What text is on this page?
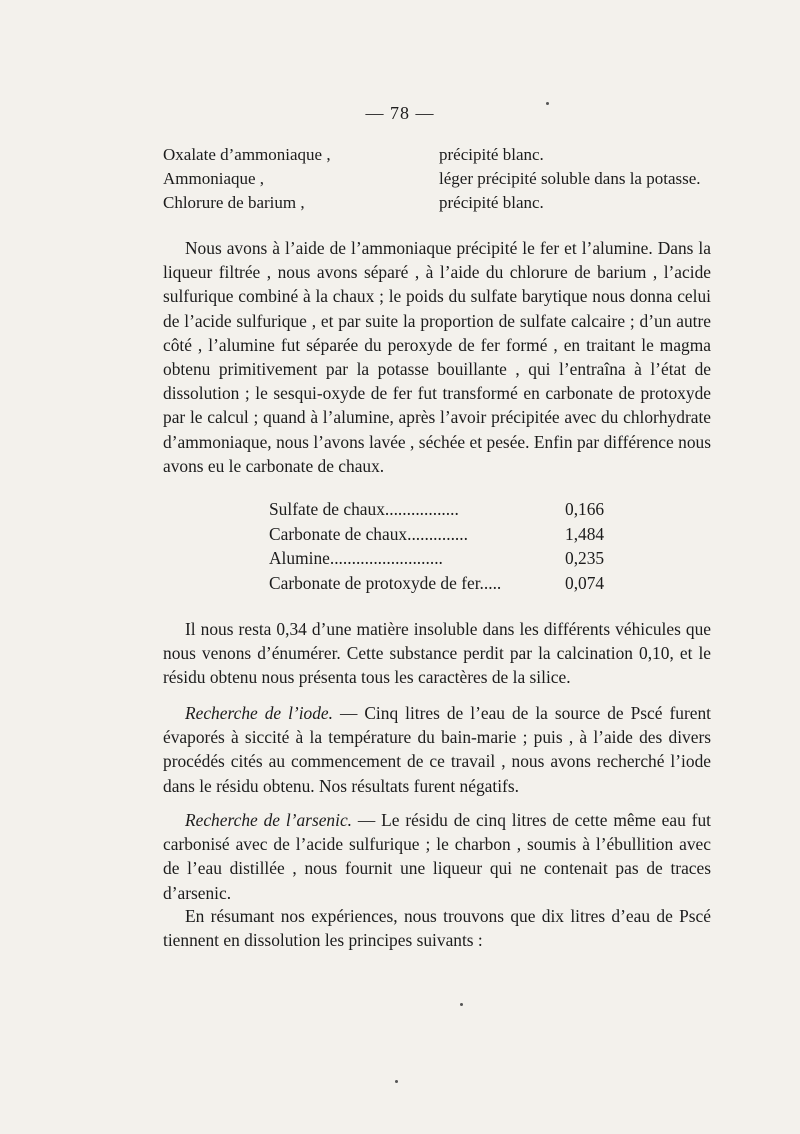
— 78 —
Oxalate d’ammoniaque ,	précipité blanc.
Ammoniaque ,	léger précipité soluble dans la potasse.
Chlorure de barium ,	précipité blanc.
Nous avons à l’aide de l’ammoniaque précipité le fer et l’alumine. Dans la liqueur filtrée , nous avons séparé , à l’aide du chlorure de barium , l’acide sulfurique combiné à la chaux ; le poids du sulfate barytique nous donna celui de l’acide sulfurique , et par suite la proportion de sulfate calcaire ; d’un autre côté , l’alumine fut séparée du peroxyde de fer formé , en traitant le magma obtenu primitivement par la potasse bouillante , qui l’entraîna à l’état de dissolution ; le sesqui-oxyde de fer fut transformé en carbonate de protoxyde par le calcul ; quand à l’alumine, après l’avoir précipitée avec du chlorhydrate d’ammoniaque, nous l’avons lavée , séchée et pesée. Enfin par différence nous avons eu le carbonate de chaux.
Sulfate de chaux.................	0,166
Carbonate de chaux..............	1,484
Alumine..........................	0,235
Carbonate de protoxyde de fer.....	0,074
Il nous resta 0,34 d’une matière insoluble dans les différents véhicules que nous venons d’énumérer. Cette substance perdit par la calcination 0,10, et le résidu obtenu nous présenta tous les caractères de la silice.
Recherche de l’iode. — Cinq litres de l’eau de la source de Pscé furent évaporés à siccité à la température du bain-marie ; puis , à l’aide des divers procédés cités au commencement de ce travail , nous avons recherché l’iode dans le résidu obtenu. Nos résultats furent négatifs.
Recherche de l’arsenic. — Le résidu de cinq litres de cette même eau fut carbonisé avec de l’acide sulfurique ; le charbon , soumis à l’ébullition avec de l’eau distillée , nous fournit une liqueur qui ne contenait pas de traces d’arsenic.
En résumant nos expériences, nous trouvons que dix litres d’eau de Pscé tiennent en dissolution les principes suivants :
